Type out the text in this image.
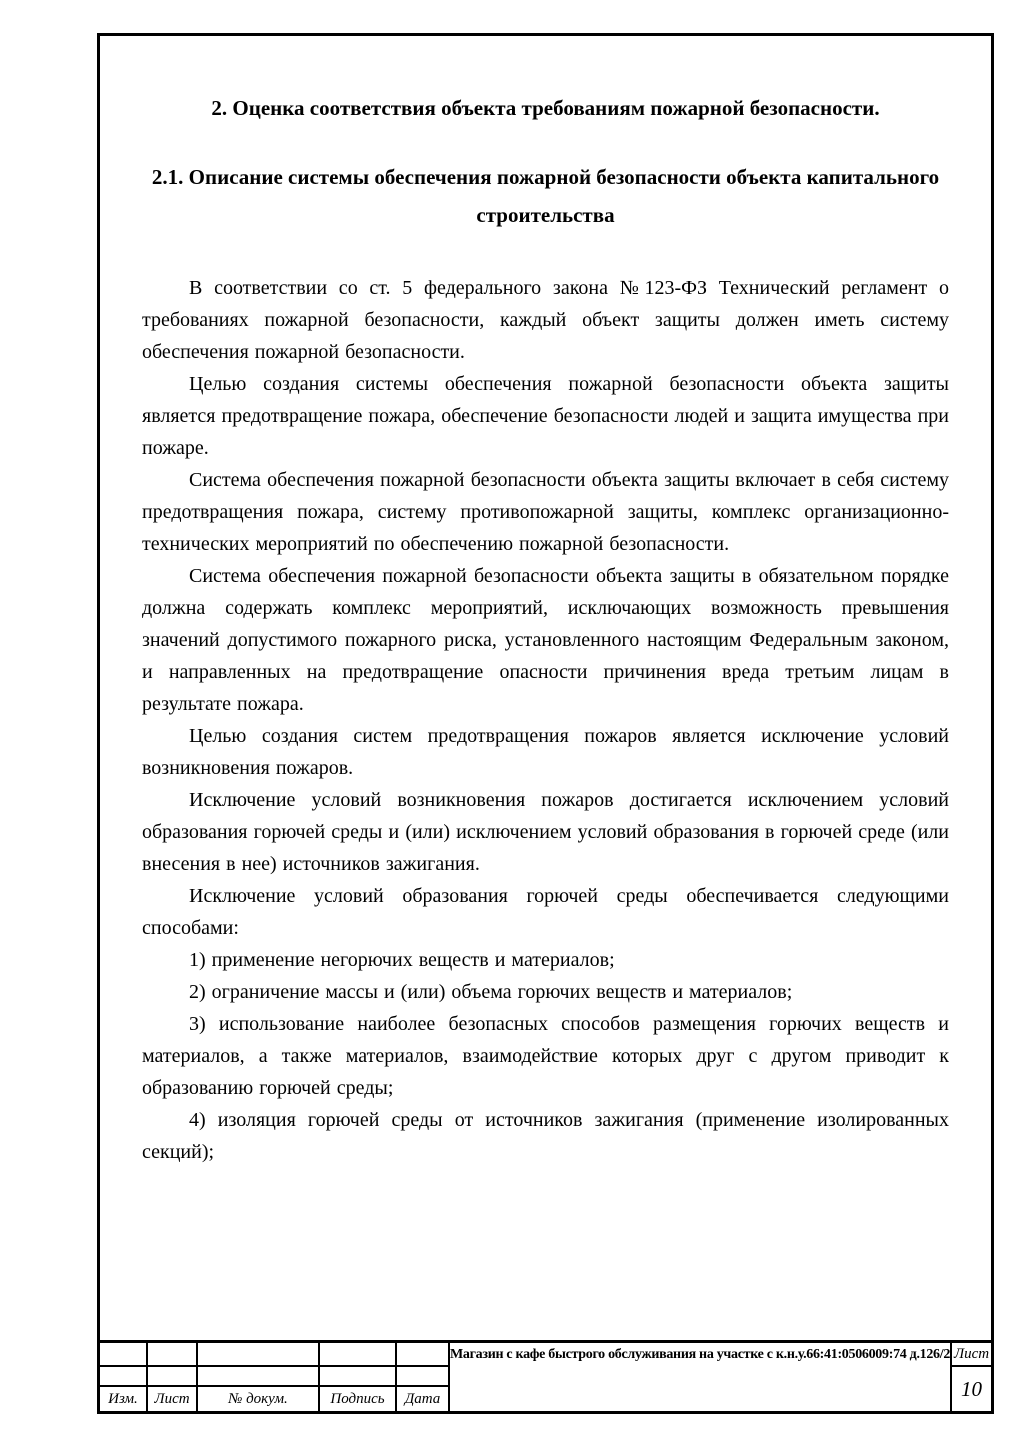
2. Оценка соответствия объекта требованиям пожарной безопасности.
2.1. Описание системы обеспечения пожарной безопасности объекта капитального строительства

В соответствии со ст. 5 федерального закона №123-ФЗ Технический регламент о требованиях пожарной безопасности, каждый объект защиты должен иметь систему обеспечения пожарной безопасности.

Целью создания системы обеспечения пожарной безопасности объекта защиты является предотвращение пожара, обеспечение безопасности людей и защита имущества при пожаре.

Система обеспечения пожарной безопасности объекта защиты включает в себя систему предотвращения пожара, систему противопожарной защиты, комплекс организационно-технических мероприятий по обеспечению пожарной безопасности.

Система обеспечения пожарной безопасности объекта защиты в обязательном порядке должна содержать комплекс мероприятий, исключающих возможность превышения значений допустимого пожарного риска, установленного настоящим Федеральным законом, и направленных на предотвращение опасности причинения вреда третьим лицам в результате пожара.

Целью создания систем предотвращения пожаров является исключение условий возникновения пожаров.

Исключение условий возникновения пожаров достигается исключением условий образования горючей среды и (или) исключением условий образования в горючей среде (или внесения в нее) источников зажигания.

Исключение условий образования горючей среды обеспечивается следующими способами:

1) применение негорючих веществ и материалов;

2) ограничение массы и (или) объема горючих веществ и материалов;

3) использование наиболее безопасных способов размещения горючих веществ и материалов, а также материалов, взаимодействие которых друг с другом приводит к образованию горючей среды;

4) изоляция горючей среды от источников зажигания (применение изолированных секций);

Изм.	Лист	№ докум.	Подпись	Дата
Магазин с кафе быстрого обслуживания на участке с к.н.у.66:41:0506009:74 д.126/2 Лист
10
